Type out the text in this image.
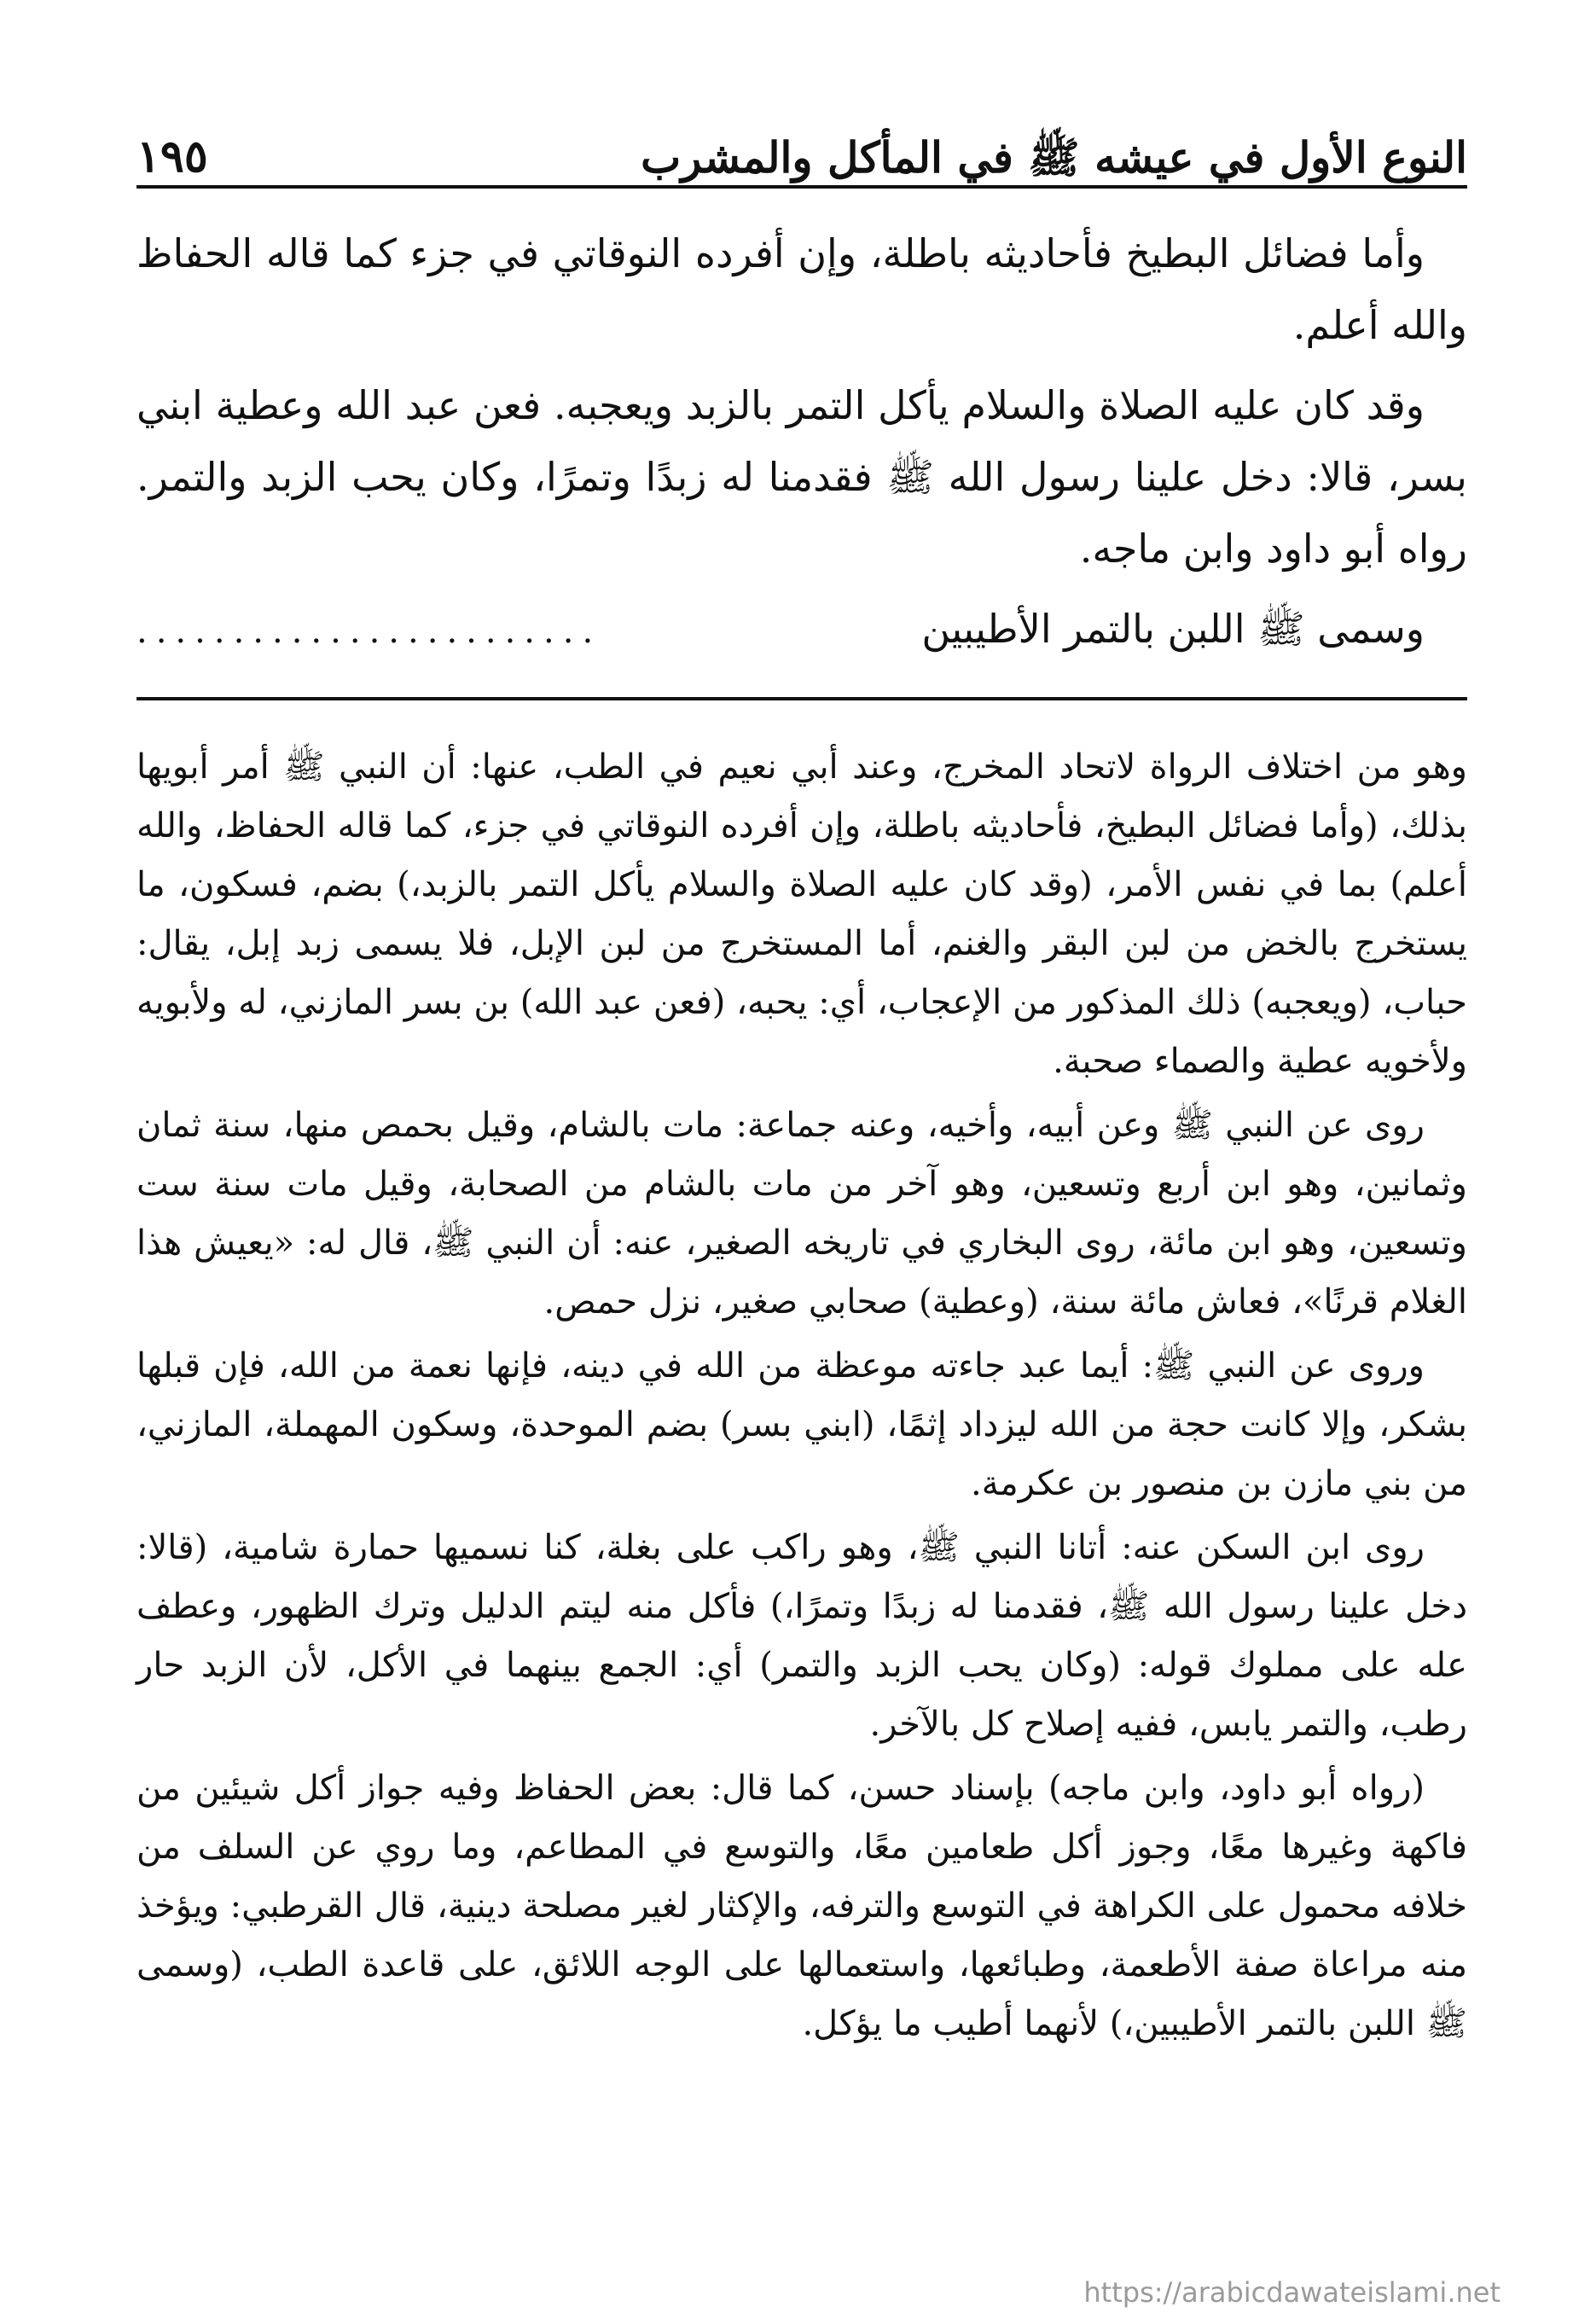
النوع الأول في عيشه ﷺ في المأكل والمشرب
١٩٥

وأما فضائل البطيخ فأحاديثه باطلة، وإن أفرده النوقاتي في جزء كما قاله الحفاظ والله أعلم.

وقد كان عليه الصلاة والسلام يأكل التمر بالزبد ويعجبه. فعن عبد الله وعطية ابني بسر، قالا: دخل علينا رسول الله ﷺ فقدمنا له زبدًا وتمرًا، وكان يحب الزبد والتمر. رواه أبو داود وابن ماجه.

وسمى ﷺ اللبن بالتمر الأطيبين
........................

وهو من اختلاف الرواة لاتحاد المخرج، وعند أبي نعيم في الطب، عنها: أن النبي ﷺ أمر أبويها بذلك، (وأما فضائل البطيخ، فأحاديثه باطلة، وإن أفرده النوقاتي في جزء، كما قاله الحفاظ، والله أعلم) بما في نفس الأمر، (وقد كان عليه الصلاة والسلام يأكل التمر بالزبد،) بضم، فسكون، ما يستخرج بالخض من لبن البقر والغنم، أما المستخرج من لبن الإبل، فلا يسمى زبد إبل، يقال: حباب، (ويعجبه) ذلك المذكور من الإعجاب، أي: يحبه، (فعن عبد الله) بن بسر المازني، له ولأبويه ولأخويه عطية والصماء صحبة.

روى عن النبي ﷺ وعن أبيه، وأخيه، وعنه جماعة: مات بالشام، وقيل بحمص منها، سنة ثمان وثمانين، وهو ابن أربع وتسعين، وهو آخر من مات بالشام من الصحابة، وقيل مات سنة ست وتسعين، وهو ابن مائة، روى البخاري في تاريخه الصغير، عنه: أن النبي ﷺ، قال له: «يعيش هذا الغلام قرنًا»، فعاش مائة سنة، (وعطية) صحابي صغير، نزل حمص.

وروى عن النبي ﷺ: أيما عبد جاءته موعظة من الله في دينه، فإنها نعمة من الله، فإن قبلها بشكر، وإلا كانت حجة من الله ليزداد إثمًا، (ابني بسر) بضم الموحدة، وسكون المهملة، المازني، من بني مازن بن منصور بن عكرمة.

روى ابن السكن عنه: أتانا النبي ﷺ، وهو راكب على بغلة، كنا نسميها حمارة شامية، (قالا: دخل علينا رسول الله ﷺ، فقدمنا له زبدًا وتمرًا،) فأكل منه ليتم الدليل وترك الظهور، وعطف عله على مملوك قوله: (وكان يحب الزبد والتمر) أي: الجمع بينهما في الأكل، لأن الزبد حار رطب، والتمر يابس، ففيه إصلاح كل بالآخر.

(رواه أبو داود، وابن ماجه) بإسناد حسن، كما قال: بعض الحفاظ وفيه جواز أكل شيئين من فاكهة وغيرها معًا، وجوز أكل طعامين معًا، والتوسع في المطاعم، وما روي عن السلف من خلافه محمول على الكراهة في التوسع والترفه، والإكثار لغير مصلحة دينية، قال القرطبي: ويؤخذ منه مراعاة صفة الأطعمة، وطبائعها، واستعمالها على الوجه اللائق، على قاعدة الطب، (وسمى ﷺ اللبن بالتمر الأطيبين،) لأنهما أطيب ما يؤكل.

https://arabicdawateislami.net
